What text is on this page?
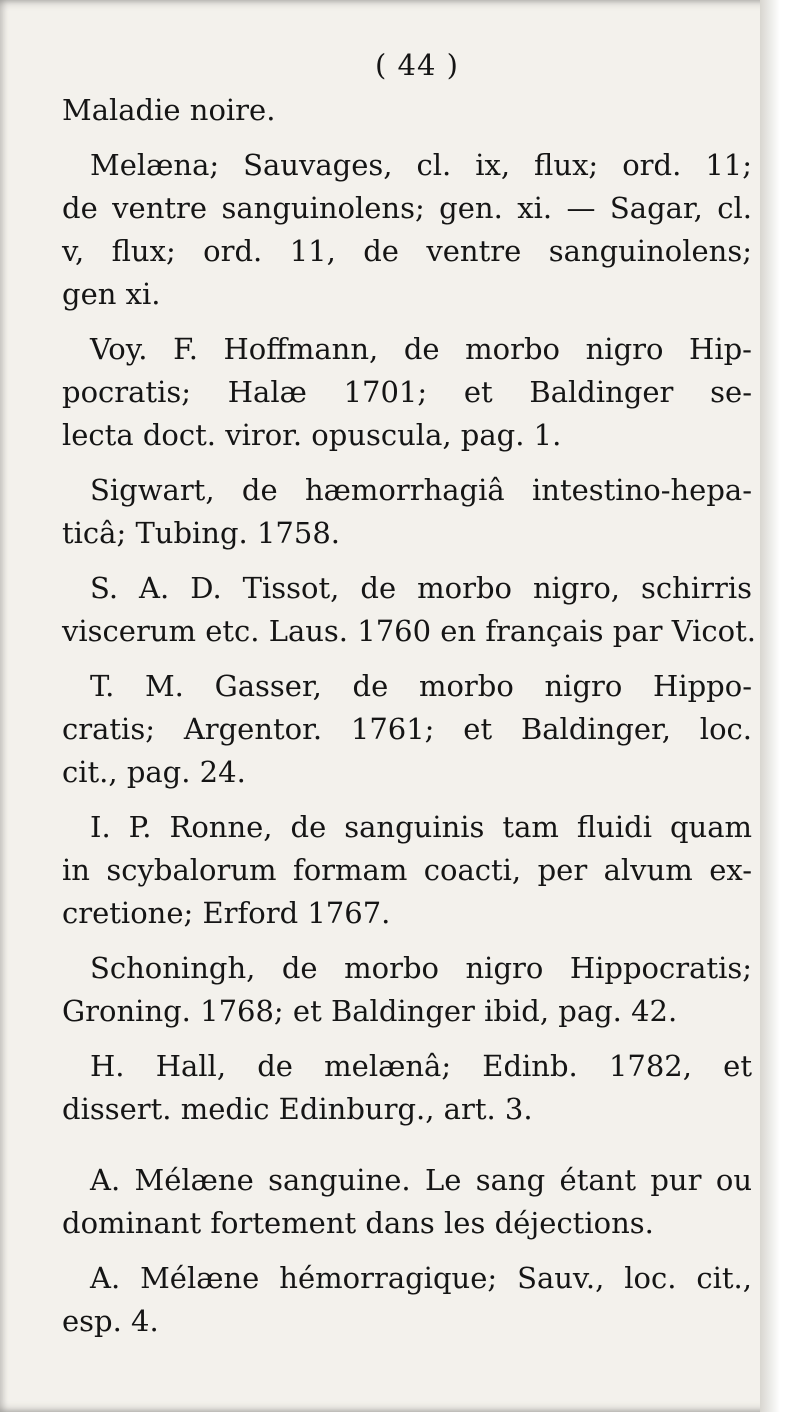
( 44 )
Maladie noire.
Melæna; Sauvages, cl. ix, flux; ord. 11;
de ventre sanguinolens; gen. xi. — Sagar, cl.
v, flux; ord. 11, de ventre sanguinolens;
gen xi.
Voy. F. Hoffmann, de morbo nigro Hip-
pocratis; Halæ 1701; et Baldinger se-
lecta doct. viror. opuscula, pag. 1.
Sigwart, de hæmorrhagiâ intestino-hepa-
ticâ; Tubing. 1758.
S. A. D. Tissot, de morbo nigro, schirris
viscerum etc. Laus. 1760 en français par Vicot.
T. M. Gasser, de morbo nigro Hippo-
cratis; Argentor. 1761; et Baldinger, loc.
cit., pag. 24.
I. P. Ronne, de sanguinis tam fluidi quam
in scybalorum formam coacti, per alvum ex-
cretione; Erford 1767.
Schoningh, de morbo nigro Hippocratis;
Groning. 1768; et Baldinger ibid, pag. 42.
H. Hall, de melænâ; Edinb. 1782, et
dissert. medic Edinburg., art. 3.
A. Mélæne sanguine. Le sang étant pur ou
dominant fortement dans les déjections.
A. Mélæne hémorragique; Sauv., loc. cit.,
esp. 4.
